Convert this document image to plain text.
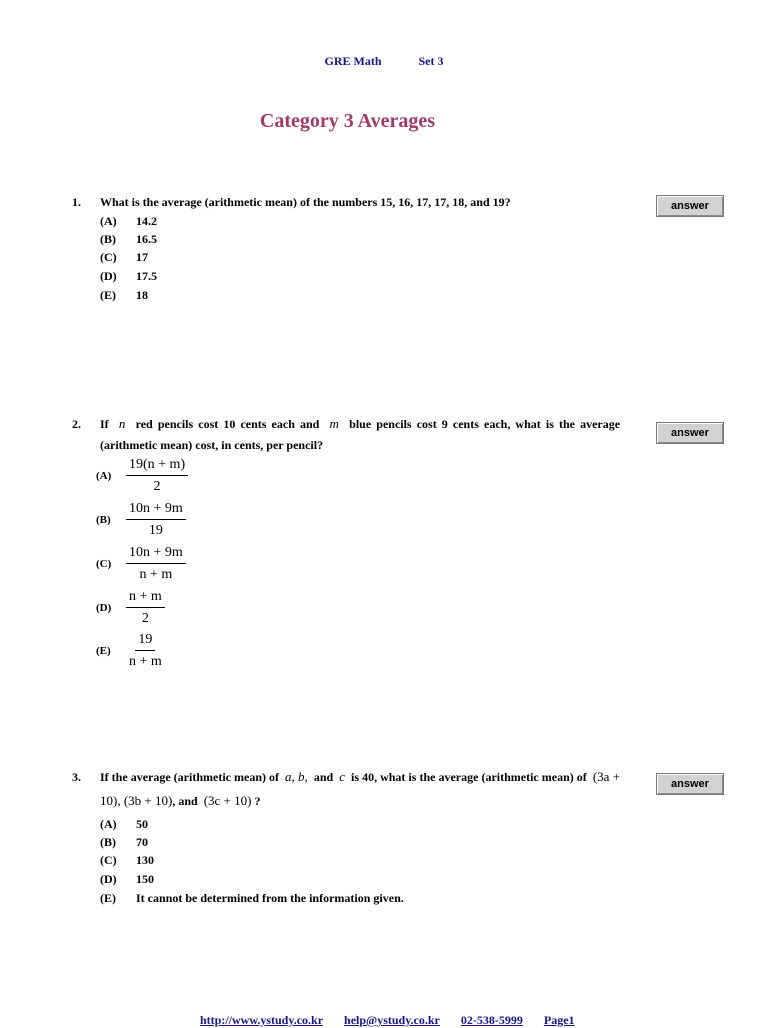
GRE Math	Set 3
Category 3 Averages
1. What is the average (arithmetic mean) of the numbers 15, 16, 17, 17, 18, and 19?
(A) 14.2
(B) 16.5
(C) 17
(D) 17.5
(E) 18
answer
2. If n red pencils cost 10 cents each and m blue pencils cost 9 cents each, what is the average (arithmetic mean) cost, in cents, per pencil?
(A)	$\frac{19(n + m)}{2}$
(B)	$\frac{10n + 9m}{19}$
(C)	$\frac{10n + 9m}{n + m}$
(D)	$\frac{n + m}{2}$
(E)	$\frac{19}{n + m}$
answer
3. If the average (arithmetic mean) of a, b, and c is 40, what is the average (arithmetic mean) of (3a + 10), (3b + 10), and (3c + 10) ?
(A) 50
(B) 70
(C) 130
(D) 150
(E) It cannot be determined from the information given.
answer
http://www.ystudy.co.kr help@ystudy.co.kr 02-538-5999 Page1
